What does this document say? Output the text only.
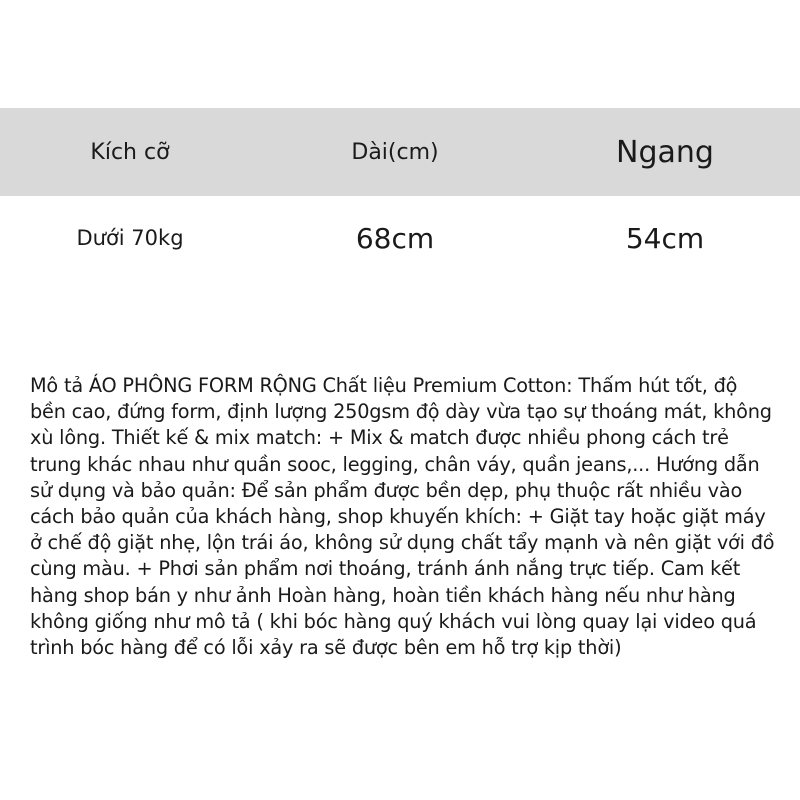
Kích cỡ	Dài(cm)	Ngang
Dưới 70kg	68cm	54cm

Mô tả ÁO PHÔNG FORM RỘNG Chất liệu Premium Cotton: Thấm hút tốt, độ bền cao, đứng form, định lượng 250gsm độ dày vừa tạo sự thoáng mát, không xù lông. Thiết kế & mix match: + Mix & match được nhiều phong cách trẻ trung khác nhau như quần sooc, legging, chân váy, quần jeans,... Hướng dẫn sử dụng và bảo quản: Để sản phẩm được bền dẹp, phụ thuộc rất nhiều vào cách bảo quản của khách hàng, shop khuyến khích: + Giặt tay hoặc giặt máy ở chế độ giặt nhẹ, lộn trái áo, không sử dụng chất tẩy mạnh và nên giặt với đồ cùng màu. + Phơi sản phẩm nơi thoáng, tránh ánh nắng trực tiếp. Cam kết hàng shop bán y như ảnh Hoàn hàng, hoàn tiền khách hàng nếu như hàng không giống như mô tả ( khi bóc hàng quý khách vui lòng quay lại video quá trình bóc hàng để có lỗi xảy ra sẽ được bên em hỗ trợ kịp thời)
